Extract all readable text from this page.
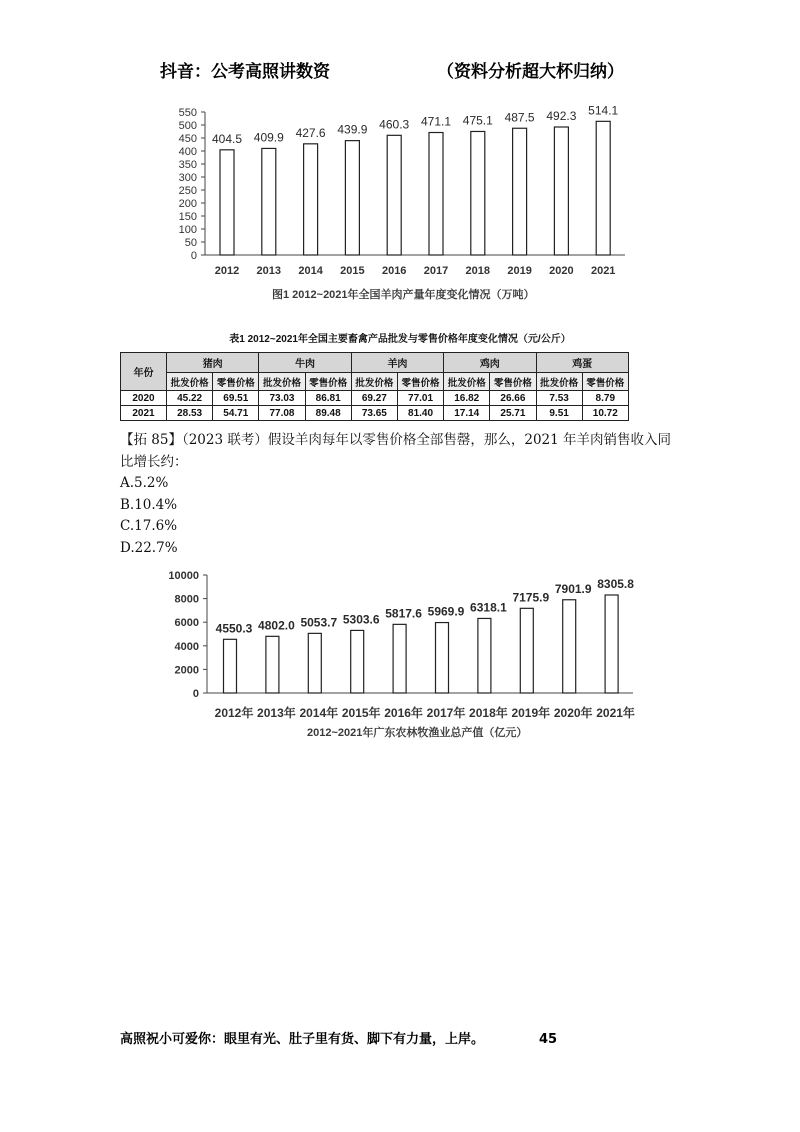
抖音：公考高照讲数资	（资料分析超大杯归纳）
0
50
100
150
200
250
300
350
400
450
500
550
404.5
2012
409.9
2013
427.6
2014
439.9
2015
460.3
2016
471.1
2017
475.1
2018
487.5
2019
492.3
2020
514.1
2021
图1 2012~2021年全国羊肉产量年度变化情况（万吨）
表1 2012~2021年全国主要畜禽产品批发与零售价格年度变化情况（元/公斤）
年份	猪肉		牛肉		羊肉		鸡肉		鸡蛋	
	批发价格	零售价格	批发价格	零售价格	批发价格	零售价格	批发价格	零售价格	批发价格	零售价格
2020	45.22	69.51	73.03	86.81	69.27	77.01	16.82	26.66	7.53	8.79
2021	28.53	54.71	77.08	89.48	73.65	81.40	17.14	25.71	9.51	10.72
【拓 85】（2023 联考）假设羊肉每年以零售价格全部售罄，那么，2021 年羊肉销售收入同
比增长约：
A.5.2%
B.10.4%
C.17.6%
D.22.7%
0
2000
4000
6000
8000
10000
4550.3
2012年
4802.0
2013年
5053.7
2014年
5303.6
2015年
5817.6
2016年
5969.9
2017年
6318.1
2018年
7175.9
2019年
7901.9
2020年
8305.8
2021年
2012~2021年广东农林牧渔业总产值（亿元）
高照祝小可爱你：眼里有光、肚子里有货、脚下有力量，上岸。	45
